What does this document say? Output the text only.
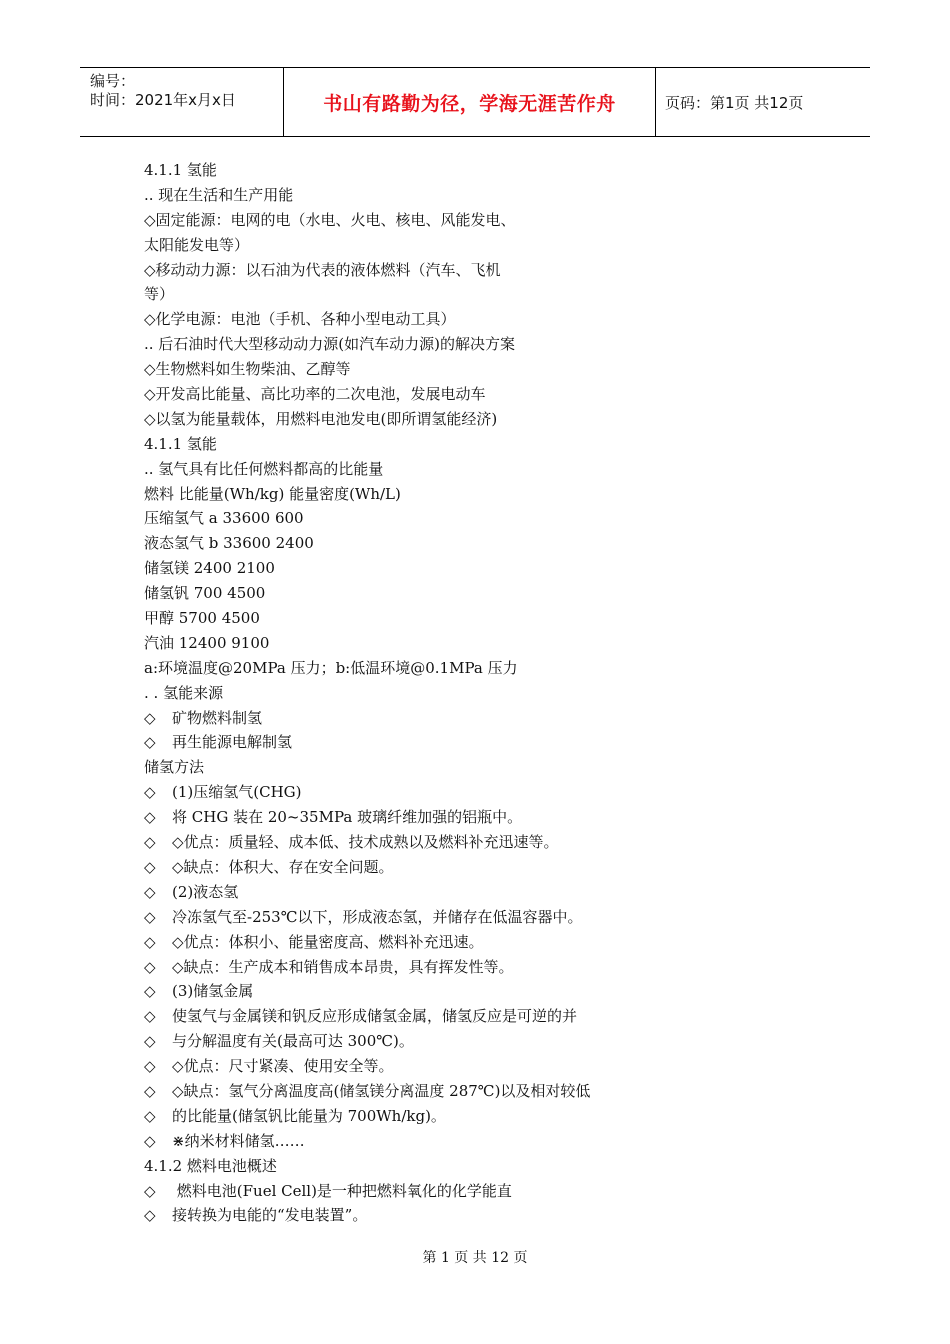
编号：
时间：2021年x月x日	书山有路勤为径，学海无涯苦作舟	页码：第1页 共12页
4.1.1 氢能
.. 现在生活和生产用能
◇固定能源：电网的电（水电、火电、核电、风能发电、
太阳能发电等）
◇移动动力源：以石油为代表的液体燃料（汽车、飞机
等）
◇化学电源：电池（手机、各种小型电动工具）
.. 后石油时代大型移动动力源(如汽车动力源)的解决方案
◇生物燃料如生物柴油、乙醇等
◇开发高比能量、高比功率的二次电池，发展电动车
◇以氢为能量载体，用燃料电池发电(即所谓氢能经济)
4.1.1 氢能
.. 氢气具有比任何燃料都高的比能量
燃料 比能量(Wh/kg) 能量密度(Wh/L)
压缩氢气 a 33600 600
液态氢气 b 33600 2400
储氢镁 2400 2100
储氢钒 700 4500
甲醇 5700 4500
汽油 12400 9100
a:环境温度@20MPa 压力；b:低温环境@0.1MPa 压力
. . 氢能来源
◇ 矿物燃料制氢
◇ 再生能源电解制氢
储氢方法
◇ (1)压缩氢气(CHG)
◇ 将 CHG 装在 20~35MPa 玻璃纤维加强的铝瓶中。
◇ ◇优点：质量轻、成本低、技术成熟以及燃料补充迅速等。
◇ ◇缺点：体积大、存在安全问题。
◇ (2)液态氢
◇ 冷冻氢气至-253℃以下，形成液态氢，并储存在低温容器中。
◇ ◇优点：体积小、能量密度高、燃料补充迅速。
◇ ◇缺点：生产成本和销售成本昂贵，具有挥发性等。
◇ (3)储氢金属
◇ 使氢气与金属镁和钒反应形成储氢金属，储氢反应是可逆的并
◇ 与分解温度有关(最高可达 300℃)。
◇ ◇优点：尺寸紧凑、使用安全等。
◇ ◇缺点：氢气分离温度高(储氢镁分离温度 287℃)以及相对较低
◇ 的比能量(储氢钒比能量为 700Wh/kg)。
◇ ⋇纳米材料储氢……
4.1.2 燃料电池概述
◇ 燃料电池(Fuel Cell)是一种把燃料氧化的化学能直
◇ 接转换为电能的“发电装置”。
第 1 页 共 12 页
